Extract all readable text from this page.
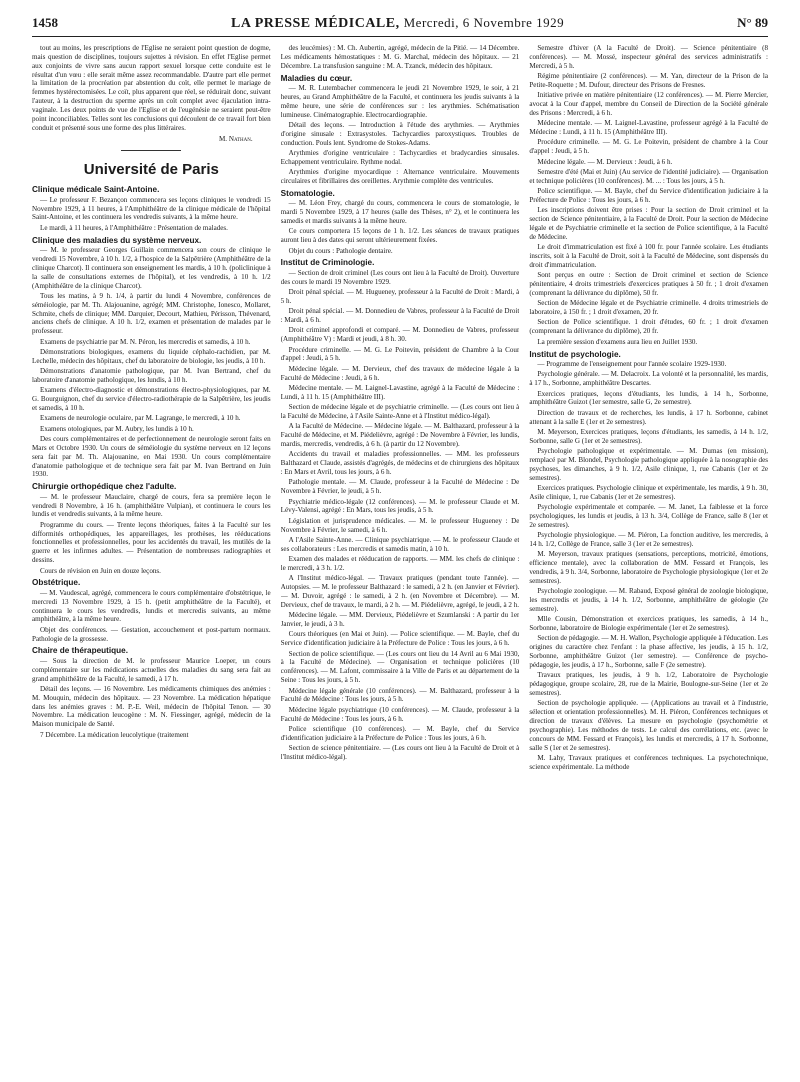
1458	LA PRESSE MÉDICALE, Mercredi, 6 Novembre 1929	N° 89

tout au moins, les prescriptions de l'Eglise ne seraient point question de dogme, mais question de disciplines, toujours sujettes à révision. En effet l'Eglise permet aux conjoints de vivre sans aucun rapport sexuel lorsque cette conduite est le résultat d'un vœu : elle serait même assez recommandable. D'autre part elle permet la limitation de la procréation par abstention du coït, elle permet le mariage de femmes hystérectomisées. Le coït, plus apparent que réel, se réduirait donc, suivant l'auteur, à la destruction du sperme après un coït complet avec éjaculation intra-vaginale. Les deux points de vue de l'Eglise et de l'eugénésie ne seraient peut-être point inconciliables. Telles sont les conclusions qui découlent de ce travail fort bien conduit et présenté sous une forme des plus littéraires.

M. Nathan.
Université de Paris
Clinique médicale Saint-Antoine.

— Le professeur F. Bezançon commencera ses leçons cliniques le vendredi 15 Novembre 1929, à 11 heures, à l'Amphithéâtre de la clinique médicale de l'hôpital Saint-Antoine, et les continuera les vendredis suivants, à la même heure.

Le mardi, à 11 heures, à l'Amphithéâtre : Présentation de malades.

Clinique des maladies du système nerveux.

— M. le professeur Georges Guillain commencera son cours de clinique le vendredi 15 Novembre, à 10 h. 1/2, à l'hospice de la Salpêtrière (Amphithéâtre de la clinique Charcot). Il continuera son enseignement les mardis, à 10 h. (policlinique à la salle de consultations externes de l'hôpital), et les vendredis, à 10 h. 1/2 (Amphithéâtre de la clinique Charcot).

Tous les matins, à 9 h. 1/4, à partir du lundi 4 Novembre, conférences de séméiologie, par M. Th. Alajouanine, agrégé; MM. Christophe, Ionesco, Mollaret, Schmite, chefs de clinique; MM. Darquier, Decourt, Mathieu, Périsson, Thévenard, anciens chefs de clinique. A 10 h. 1/2, examen et présentation de malades par le professeur.

Examens de psychiatrie par M. N. Péron, les mercredis et samedis, à 10 h.

Démonstrations biologiques, examens du liquide céphalo-rachidien, par M. Lechelle, médecin des hôpitaux, chef du laboratoire de biologie, les jeudis, à 10 h.

Démonstrations d'anatomie pathologique, par M. Ivan Bertrand, chef du laboratoire d'anatomie pathologique, les lundis, à 10 h.

Examens d'électro-diagnostic et démonstrations électro-physiologiques, par M. G. Bourguignon, chef du service d'électro-radiothérapie de la Salpêtrière, les jeudis et samedis, à 10 h.

Examens de neurologie oculaire, par M. Lagrange, le mercredi, à 10 h.

Examens otologiques, par M. Aubry, les lundis à 10 h.

Des cours complémentaires et de perfectionnement de neurologie seront faits en Mars et Octobre 1930. Un cours de séméiologie du système nerveux en 12 leçons sera fait par M. Th. Alajouanine, en Mai 1930. Un cours complémentaire d'anatomie pathologique et de technique sera fait par M. Ivan Bertrand en Juin 1930.

Chirurgie orthopédique chez l'adulte.

— M. le professeur Mauclaire, chargé de cours, fera sa première leçon le vendredi 8 Novembre, à 16 h. (amphithéâtre Vulpian), et continuera le cours les lundis et vendredis suivants, à la même heure.

Programme du cours. — Trente leçons théoriques, faites à la Faculté sur les difformités orthopédiques, les appareillages, les prothèses, les rééducations fonctionnelles et professionnelles, pour les accidentés du travail, les mutilés de la guerre et les infirmes adultes. — Présentation de nombreuses radiographies et dessins.

Cours de révision en Juin en douze leçons.

Obstétrique.

— M. Vaudescal, agrégé, commencera le cours complémentaire d'obstétrique, le mercredi 13 Novembre 1929, à 15 h. (petit amphithéâtre de la Faculté), et continuera le cours les vendredis, lundis et mercredis suivants, au même amphithéâtre, à la même heure.

Objet des conférences. — Gestation, accouchement et post-partum normaux. Pathologie de la grossesse.

Chaire de thérapeutique.

— Sous la direction de M. le professeur Maurice Loeper, un cours complémentaire sur les médications actuelles des maladies du sang sera fait au grand amphithéâtre de la Faculté, le samedi, à 17 h.

Détail des leçons. — 16 Novembre. Les médicaments chimiques des anémies : M. Mouquin, médecin des hôpitaux. — 23 Novembre. La médication hépatique dans les anémies graves : M. P.-E. Weil, médecin de l'hôpital Tenon. — 30 Novembre. La médication leucogène : M. N. Fiessinger, agrégé, médecin de la Maison municipale de Santé.

7 Décembre. La médication leucolytique (traitement

des leucémies) : M. Ch. Aubertin, agrégé, médecin de la Pitié. — 14 Décembre. Les médicaments hémostatiques : M. G. Marchal, médecin des hôpitaux. — 21 Décembre. La transfusion sanguine : M. A. Tzanck, médecin des hôpitaux.

Maladies du cœur.

— M. R. Lutembacher commencera le jeudi 21 Novembre 1929, le soir, à 21 heures, au Grand Amphithéâtre de la Faculté, et continuera les jeudis suivants à la même heure, une série de conférences sur : les arythmies. Schématisation lumineuse. Cinématographie. Electrocardiographie.

Détail des leçons. — Introduction à l'étude des arythmies. — Arythmies d'origine sinusale : Extrasystoles. Tachycardies paroxystiques. Troubles de conduction. Pouls lent. Syndrome de Stokes-Adams.

Arythmies d'origine ventriculaire : Tachycardies et bradycardies sinusales. Echappement ventriculaire. Rythme nodal.

Arythmies d'origine myocardique : Alternance ventriculaire. Mouvements circulaires et fibrillaires des oreillettes. Arythmie complète des ventricules.

Stomatologie.

— M. Léon Frey, chargé du cours, commencera le cours de stomatologie, le mardi 5 Novembre 1929, à 17 heures (salle des Thèses, n° 2), et le continuera les samedis et mardis suivants à la même heure.

Ce cours comportera 15 leçons de 1 h. 1/2. Les séances de travaux pratiques auront lieu à des dates qui seront ultérieurement fixées.

Objet du cours : Pathologie dentaire.

Institut de Criminologie.

— Section de droit criminel (Les cours ont lieu à la Faculté de Droit). Ouverture des cours le mardi 19 Novembre 1929.

Droit pénal spécial. — M. Hugueney, professeur à la Faculté de Droit : Mardi, à 5 h.

Droit pénal spécial. — M. Donnedieu de Vabres, professeur à la Faculté de Droit : Mardi, à 6 h.

Droit criminel approfondi et comparé. — M. Donnedieu de Vabres, professeur (Amphithéâtre V) : Mardi et jeudi, à 8 h. 30.

Procédure criminelle. — M. G. Le Poitevin, président de Chambre à la Cour d'appel : Jeudi, à 5 h.

Médecine légale. — M. Dervieux, chef des travaux de médecine légale à la Faculté de Médecine : Jeudi, à 6 h.

Médecine mentale. — M. Laignel-Lavastine, agrégé à la Faculté de Médecine : Lundi, à 11 h. 15 (Amphithéâtre III).

Section de médecine légale et de psychiatrie criminelle. — (Les cours ont lieu à la Faculté de Médecine, à l'Asile Sainte-Anne et à l'Institut médico-légal).

A la Faculté de Médecine. — Médecine légale. — M. Balthazard, professeur à la Faculté de Médecine, et M. Piédelièvre, agrégé : De Novembre à Février, les lundis, mardis, mercredis, vendredis, à 6 h. (à partir du 12 Novembre).

Accidents du travail et maladies professionnelles. — MM. les professeurs Balthazard et Claude, assistés d'agrégés, de médecins et de chirurgiens des hôpitaux : En Mars et Avril, tous les jours, à 6 h.

Pathologie mentale. — M. Claude, professeur à la Faculté de Médecine : De Novembre à Février, le jeudi, à 5 h.

Psychiatrie médico-légale (12 conférences). — M. le professeur Claude et M. Lévy-Valensi, agrégé : En Mars, tous les jeudis, à 5 h.

Législation et jurisprudence médicales. — M. le professeur Hugueney : De Novembre à Février, le samedi, à 6 h.

A l'Asile Sainte-Anne. — Clinique psychiatrique. — M. le professeur Claude et ses collaborateurs : Les mercredis et samedis matin, à 10 h.

Examen des malades et rééducation de rapports. — MM. les chefs de clinique : le mercredi, à 3 h. 1/2.

A l'Institut médico-légal. — Travaux pratiques (pendant toute l'année). — Autopsies. — M. le professeur Balthazard : le samedi, à 2 h. (en Janvier et Février). — M. Duvoir, agrégé : le samedi, à 2 h. (en Novembre et Décembre). — M. Dervieux, chef de travaux, le mardi, à 2 h. — M. Piédelièvre, agrégé, le jeudi, à 2 h.

Médecine légale. — MM. Dervieux, Piédelièvre et Szumlanski : A partir du 1er Janvier, le jeudi, à 3 h.

Cours théoriques (en Mai et Juin). — Police scientifique. — M. Bayle, chef du Service d'identification judiciaire à la Préfecture de Police : Tous les jours, à 6 h.

Section de police scientifique. — (Les cours ont lieu du 14 Avril au 6 Mai 1930, à la Faculté de Médecine). — Organisation et technique policières (10 conférences). — M. Lafont, commissaire à la Ville de Paris et au département de la Seine : Tous les jours, à 5 h.

Médecine légale générale (10 conférences). — M. Balthazard, professeur à la Faculté de Médecine : Tous les jours, à 5 h.

Médecine légale psychiatrique (10 conférences). — M. Claude, professeur à la Faculté de Médecine : Tous les jours, à 6 h.

Police scientifique (10 conférences). — M. Bayle, chef du Service d'identification judiciaire à la Préfecture de Police : Tous les jours, à 6 h.

Section de science pénitentiaire. — (Les cours ont lieu à la Faculté de Droit et à l'Institut médico-légal).

Semestre d'hiver (A la Faculté de Droit). — Science pénitentiaire (8 conférences). — M. Mossé, inspecteur général des services administratifs : Mercredi, à 5 h.

Régime pénitentiaire (2 conférences). — M. Yan, directeur de la Prison de la Petite-Roquette ; M. Dufour, directeur des Prisons de Fresnes.

Initiative privée en matière pénitentiaire (12 conférences). — M. Pierre Mercier, avocat à la Cour d'appel, membre du Conseil de Direction de la Société générale des Prisons : Mercredi, à 6 h.

Médecine mentale. — M. Laignel-Lavastine, professeur agrégé à la Faculté de Médecine : Lundi, à 11 h. 15 (Amphithéâtre III).

Procédure criminelle. — M. G. Le Poitevin, président de chambre à la Cour d'appel : Jeudi, à 5 h.

Médecine légale. — M. Dervieux : Jeudi, à 6 h.

Semestre d'été (Mai et Juin) (Au service de l'identité judiciaire). — Organisation et technique policières (10 conférences). M. ... : Tous les jours, à 5 h.

Police scientifique. — M. Bayle, chef du Service d'identification judiciaire à la Préfecture de Police : Tous les jours, à 6 h.

Les inscriptions doivent être prises : Pour la section de Droit criminel et la section de Science pénitentiaire, à la Faculté de Droit. Pour la section de Médecine légale et de Psychiatrie criminelle et la section de Police scientifique, à la Faculté de Médecine.

Le droit d'immatriculation est fixé à 100 fr. pour l'année scolaire. Les étudiants inscrits, soit à la Faculté de Droit, soit à la Faculté de Médecine, sont dispensés du droit d'immatriculation.

Sont perçus en outre : Section de Droit criminel et section de Science pénitentiaire, 4 droits trimestriels d'exercices pratiques à 50 fr. ; 1 droit d'examen (comprenant la délivrance du diplôme), 50 fr.

Section de Médecine légale et de Psychiatrie criminelle. 4 droits trimestriels de laboratoire, à 150 fr. ; 1 droit d'examen, 20 fr.

Section de Police scientifique. 1 droit d'études, 60 fr. ; 1 droit d'examen (comprenant la délivrance du diplôme), 20 fr.

La première session d'examens aura lieu en Juillet 1930.

Institut de psychologie.

— Programme de l'enseignement pour l'année scolaire 1929-1930.

Psychologie générale. — M. Delacroix. La volonté et la personnalité, les mardis, à 17 h., Sorbonne, amphithéâtre Descartes.

Exercices pratiques, leçons d'étudiants, les lundis, à 14 h., Sorbonne, amphithéâtre Guizot (1er semestre, salle G, 2e semestre).

Direction de travaux et de recherches, les lundis, à 17 h. Sorbonne, cabinet attenant à la salle E (1er et 2e semestres).

M. Meyerson, Exercices pratiques, leçons d'étudiants, les samedis, à 14 h. 1/2, Sorbonne, salle G (1er et 2e semestres).

Psychologie pathologique et expérimentale. — M. Dumas (en mission), remplacé par M. Blondel, Psychologie pathologique appliquée à la nosographie des psychoses, les dimanches, à 9 h. 1/2, Asile clinique, 1, rue Cabanis (1er et 2e semestres).

Exercices pratiques. Psychologie clinique et expérimentale, les mardis, à 9 h. 30, Asile clinique, 1, rue Cabanis (1er et 2e semestres).

Psychologie expérimentale et comparée. — M. Janet, La faiblesse et la force psychologiques, les lundis et jeudis, à 13 h. 3/4, Collège de France, salle 8 (1er et 2e semestres).

Psychologie physiologique. — M. Piéron, La fonction auditive, les mercredis, à 14 h. 1/2, Collège de France, salle 3 (1er et 2e semestres).

M. Meyerson, travaux pratiques (sensations, perceptions, motricité, émotions, efficience mentale), avec la collaboration de MM. Fessard et François, les vendredis, à 9 h. 3/4, Sorbonne, laboratoire de Psychologie physiologique (1er et 2e semestres).

Psychologie zoologique. — M. Rabaud, Exposé général de zoologie biologique, les mercredis et jeudis, à 14 h. 1/2, Sorbonne, amphithéâtre de géologie (2e semestre).

Mlle Cousin, Démonstration et exercices pratiques, les samedis, à 14 h., Sorbonne, laboratoire de Biologie expérimentale (1er et 2e semestres).

Section de pédagogie. — M. H. Wallon, Psychologie appliquée à l'éducation. Les origines du caractère chez l'enfant : la phase affective, les jeudis, à 15 h. 1/2, Sorbonne, amphithéâtre Guizot (1er semestre). — Conférence de psycho-pédagogie, les jeudis, à 17 h., Sorbonne, salle F (2e semestre).

Travaux pratiques, les jeudis, à 9 h. 1/2, Laboratoire de Psychologie pédagogique, groupe scolaire, 28, rue de la Mairie, Boulogne-sur-Seine (1er et 2e semestres).

Section de psychologie appliquée. — (Applications au travail et à l'industrie, sélection et orientation professionnelles). M. H. Piéron, Conférences techniques et direction de travaux d'élèves. La mesure en psychologie (psychométrie et psychographie). Les méthodes de tests. Le calcul des corrélations, etc. (avec le concours de MM. Fessard et François), les lundis et mercredis, à 17 h. Sorbonne, salle S (1er et 2e semestres).

M. Lahy, Travaux pratiques et conférences techniques. La psychotechnique, science expérimentale. La méthode
